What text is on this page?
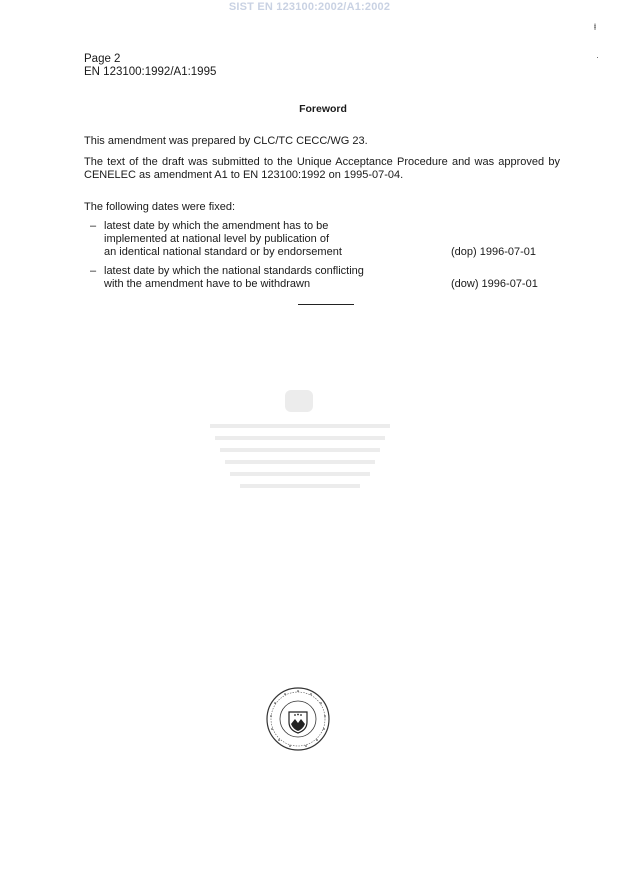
SIST EN 123100:2002/A1:2002
ⱡ
·
Page 2
EN 123100:1992/A1:1995
Foreword
This amendment was prepared by CLC/TC CECC/WG 23.
The text of the draft was submitted to the Unique Acceptance Procedure and was approved by CENELEC as amendment A1 to EN 123100:1992 on 1995-07-04.
The following dates were fixed:
– latest date by which the amendment has to be
implemented at national level by publication of
an identical national standard or by endorsement	(dop) 1996-07-01
– latest date by which the national standards conflicting
with the amendment have to be withdrawn	(dow) 1996-07-01
